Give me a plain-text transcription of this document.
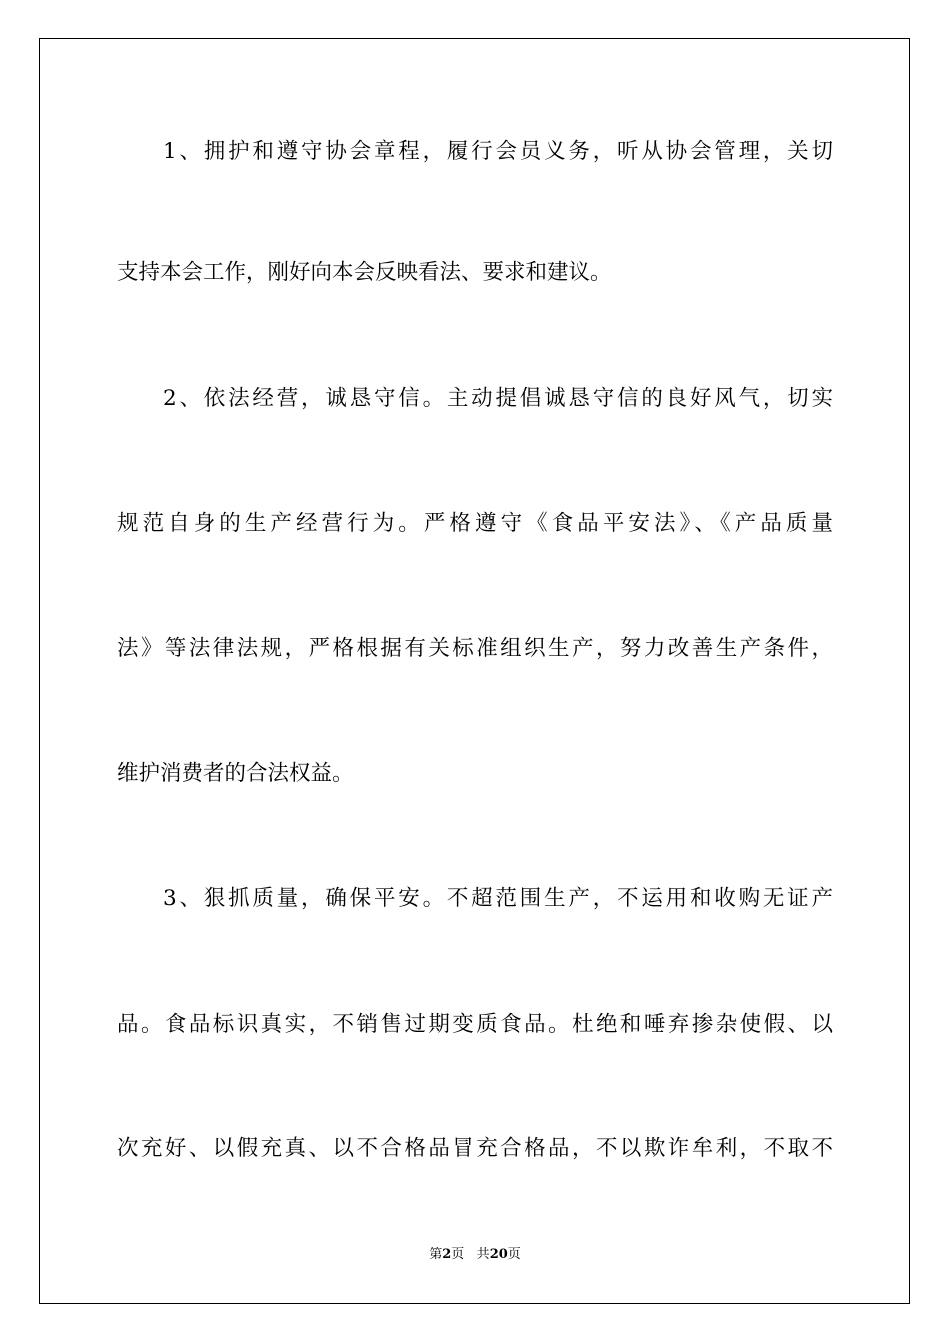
1、拥护和遵守协会章程，履行会员义务，听从协会管理，关切
支持本会工作，刚好向本会反映看法、要求和建议。
2、依法经营，诚恳守信。主动提倡诚恳守信的良好风气，切实
规范自身的生产经营行为。严格遵守《食品平安法》、《产品质量
法》等法律法规，严格根据有关标准组织生产，努力改善生产条件，
维护消费者的合法权益。
3、狠抓质量，确保平安。不超范围生产，不运用和收购无证产
品。食品标识真实，不销售过期变质食品。杜绝和唾弃掺杂使假、以
次充好、以假充真、以不合格品冒充合格品，不以欺诈牟利，不取不
第2页 共20页
